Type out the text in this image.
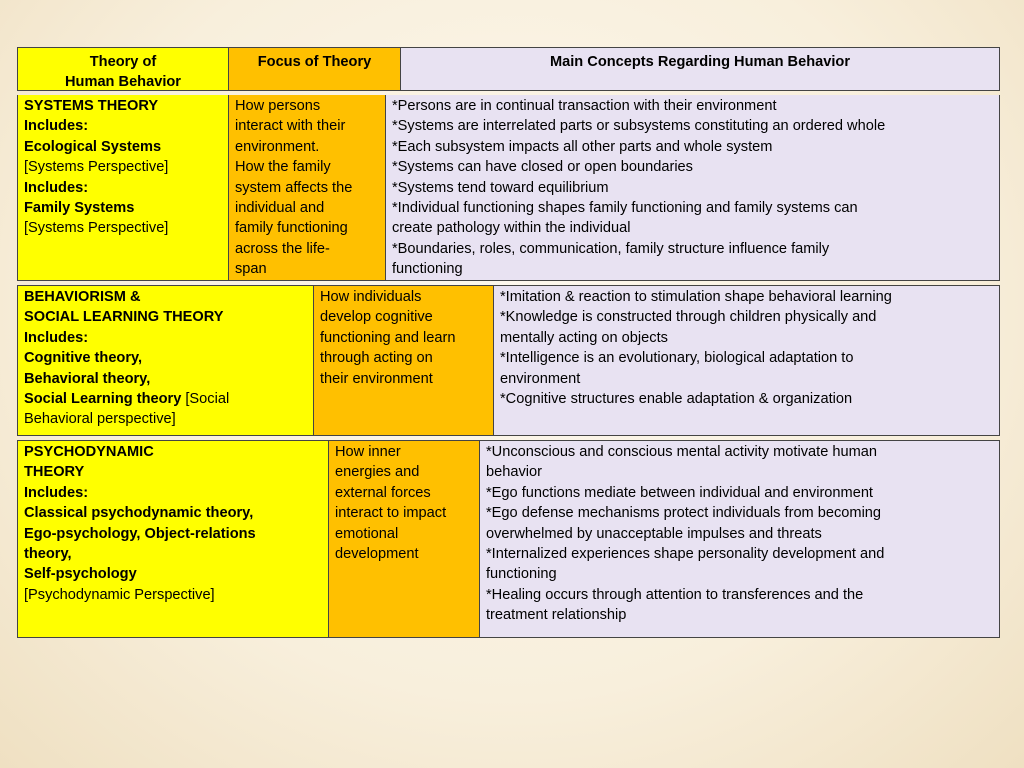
Theory of
Human Behavior
Focus of Theory	Main Concepts Regarding Human Behavior
SYSTEMS THEORY
Includes:
Ecological Systems
[Systems Perspective]
Includes:
Family Systems
[Systems Perspective]
How persons
interact with their
environment.
How the family
system affects the
individual and
family functioning
across the life-
span
*Persons are in continual transaction with their environment
*Systems are interrelated parts or subsystems constituting an ordered whole
*Each subsystem impacts all other parts and whole system
*Systems can have closed or open boundaries
*Systems tend toward equilibrium
*Individual functioning shapes family functioning and family systems can
create pathology within the individual
*Boundaries, roles, communication, family structure influence family
functioning
BEHAVIORISM &
SOCIAL LEARNING THEORY
Includes:
Cognitive theory,
Behavioral theory,
Social Learning theory [Social
Behavioral perspective]
How individuals
develop cognitive
functioning and learn
through acting on
their environment
*Imitation & reaction to stimulation shape behavioral learning
*Knowledge is constructed through children physically and
mentally acting on objects
*Intelligence is an evolutionary, biological adaptation to
environment
*Cognitive structures enable adaptation & organization
PSYCHODYNAMIC
THEORY
Includes:
Classical psychodynamic theory,
Ego-psychology, Object-relations
theory,
Self-psychology
[Psychodynamic Perspective]
How inner
energies and
external forces
interact to impact
emotional
development
*Unconscious and conscious mental activity motivate human
behavior
*Ego functions mediate between individual and environment
*Ego defense mechanisms protect individuals from becoming
overwhelmed by unacceptable impulses and threats
*Internalized experiences shape personality development and
functioning
*Healing occurs through attention to transferences and the
treatment relationship
